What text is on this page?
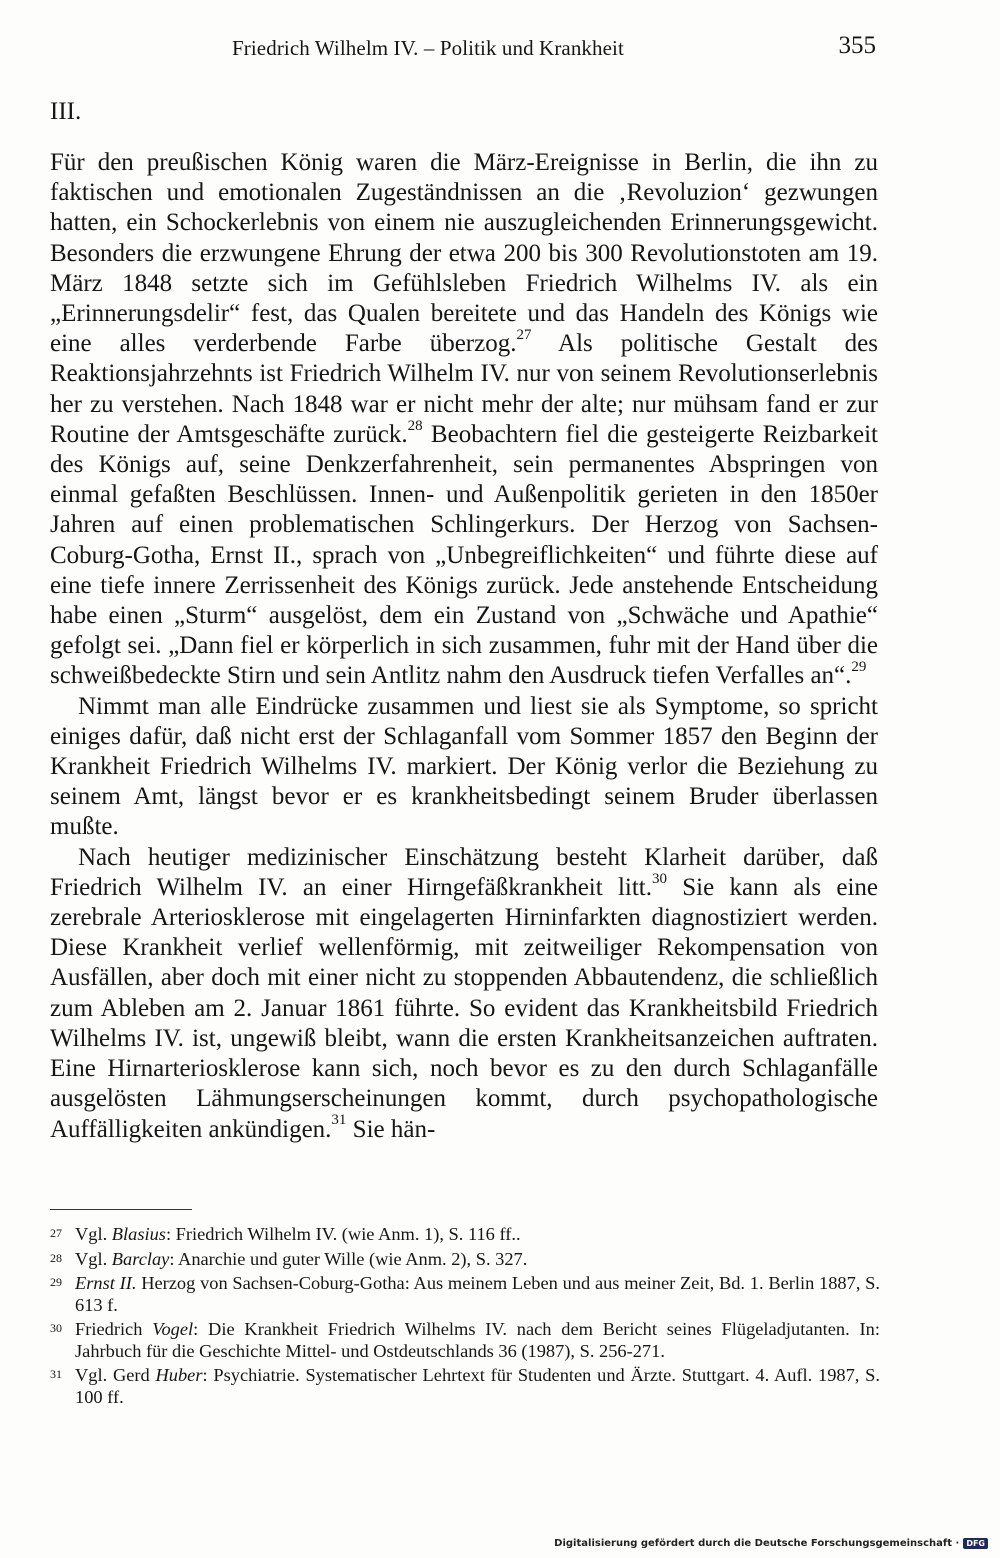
Friedrich Wilhelm IV. – Politik und Krankheit	355
III.

Für den preußischen König waren die März-Ereignisse in Berlin, die ihn zu faktischen und emotionalen Zugeständnissen an die ‚Revoluzion‘ gezwungen hatten, ein Schockerlebnis von einem nie auszugleichenden Erinnerungsgewicht. Besonders die erzwungene Ehrung der etwa 200 bis 300 Revolutionstoten am 19. März 1848 setzte sich im Gefühlsleben Friedrich Wilhelms IV. als ein „Erinnerungsdelir“ fest, das Qualen bereitete und das Handeln des Königs wie eine alles verderbende Farbe überzog.$^{27}$ Als politische Gestalt des Reaktionsjahrzehnts ist Friedrich Wilhelm IV. nur von seinem Revolutionserlebnis her zu verstehen. Nach 1848 war er nicht mehr der alte; nur mühsam fand er zur Routine der Amtsgeschäfte zurück.$^{28}$ Beobachtern fiel die gesteigerte Reizbarkeit des Königs auf, seine Denkzerfahrenheit, sein permanentes Abspringen von einmal gefaßten Beschlüssen. Innen- und Außenpolitik gerieten in den 1850er Jahren auf einen problematischen Schlingerkurs. Der Herzog von Sachsen-Coburg-Gotha, Ernst II., sprach von „Unbegreiflichkeiten“ und führte diese auf eine tiefe innere Zerrissenheit des Königs zurück. Jede anstehende Entscheidung habe einen „Sturm“ ausgelöst, dem ein Zustand von „Schwäche und Apathie“ gefolgt sei. „Dann fiel er körperlich in sich zusammen, fuhr mit der Hand über die schweißbedeckte Stirn und sein Antlitz nahm den Ausdruck tiefen Verfalles an“.$^{29}$

Nimmt man alle Eindrücke zusammen und liest sie als Symptome, so spricht einiges dafür, daß nicht erst der Schlaganfall vom Sommer 1857 den Beginn der Krankheit Friedrich Wilhelms IV. markiert. Der König verlor die Beziehung zu seinem Amt, längst bevor er es krankheitsbedingt seinem Bruder überlassen mußte.

Nach heutiger medizinischer Einschätzung besteht Klarheit darüber, daß Friedrich Wilhelm IV. an einer Hirngefäßkrankheit litt.$^{30}$ Sie kann als eine zerebrale Arteriosklerose mit eingelagerten Hirninfarkten diagnostiziert werden. Diese Krankheit verlief wellenförmig, mit zeitweiliger Rekompensation von Ausfällen, aber doch mit einer nicht zu stoppenden Abbautendenz, die schließlich zum Ableben am 2. Januar 1861 führte. So evident das Krankheitsbild Friedrich Wilhelms IV. ist, ungewiß bleibt, wann die ersten Krankheitsanzeichen auftraten. Eine Hirnarteriosklerose kann sich, noch bevor es zu den durch Schlaganfälle ausgelösten Lähmungserscheinungen kommt, durch psychopathologische Auffälligkeiten ankündigen.$^{31}$ Sie hän-

27 Vgl. Blasius: Friedrich Wilhelm IV. (wie Anm. 1), S. 116 ff..
28 Vgl. Barclay: Anarchie und guter Wille (wie Anm. 2), S. 327.
29 Ernst II. Herzog von Sachsen-Coburg-Gotha: Aus meinem Leben und aus meiner Zeit, Bd. 1. Berlin 1887, S. 613 f.
30 Friedrich Vogel: Die Krankheit Friedrich Wilhelms IV. nach dem Bericht seines Flügeladjutanten. In: Jahrbuch für die Geschichte Mittel- und Ostdeutschlands 36 (1987), S. 256-271.
31 Vgl. Gerd Huber: Psychiatrie. Systematischer Lehrtext für Studenten und Ärzte. Stuttgart. 4. Aufl. 1987, S. 100 ff.
Digitalisierung gefördert durch die Deutsche Forschungsgemeinschaft · DFG
